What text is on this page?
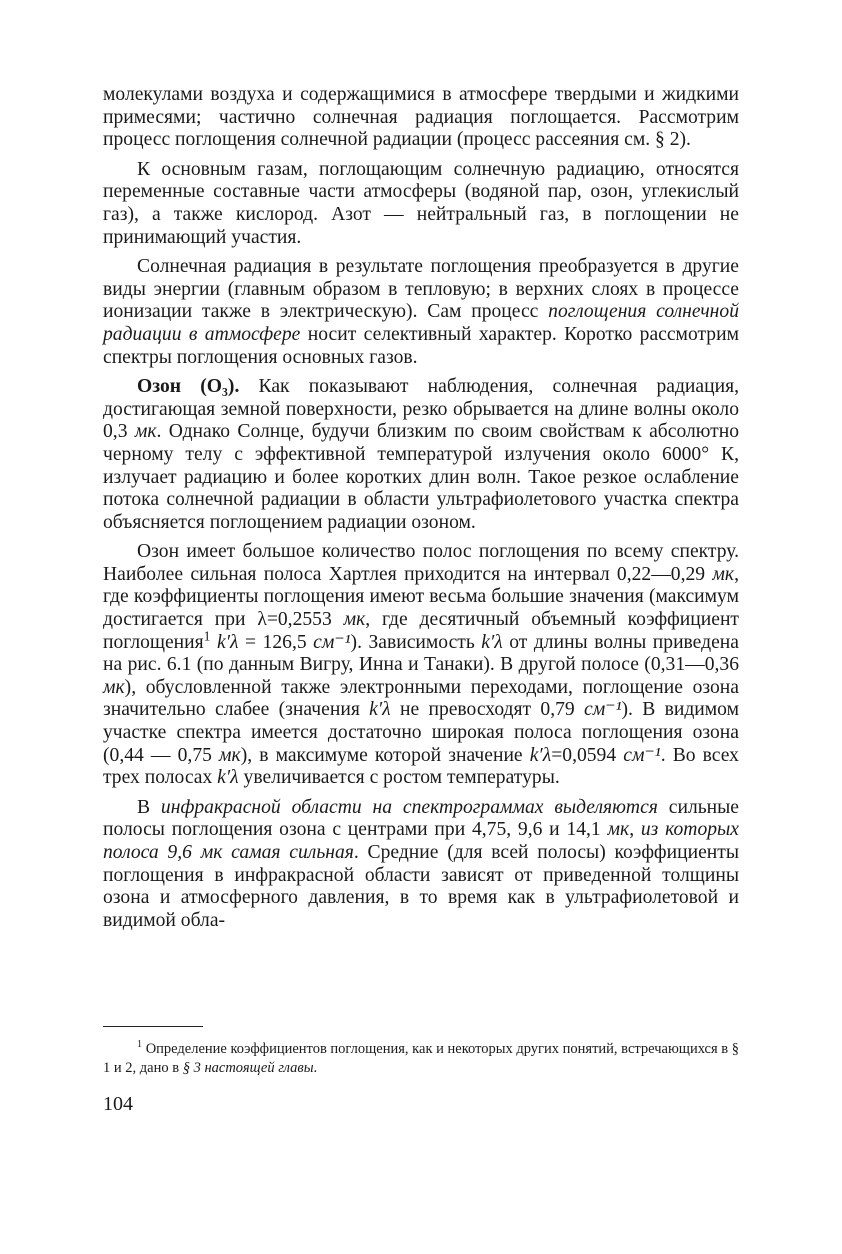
молекулами воздуха и содержащимися в атмосфере твердыми и жидкими примесями; частично солнечная радиация поглощается. Рассмотрим процесс поглощения солнечной радиации (процесс рассеяния см. § 2).

К основным газам, поглощающим солнечную радиацию, относятся переменные составные части атмосферы (водяной пар, озон, углекислый газ), а также кислород. Азот — нейтральный газ, в поглощении не принимающий участия.

Солнечная радиация в результате поглощения преобразуется в другие виды энергии (главным образом в тепловую; в верхних слоях в процессе ионизации также в электрическую). Сам процесс поглощения солнечной радиации в атмосфере носит селективный характер. Коротко рассмотрим спектры поглощения основных газов.

Озон (O₃). Как показывают наблюдения, солнечная радиация, достигающая земной поверхности, резко обрывается на длине волны около 0,3 мк. Однако Солнце, будучи близким по своим свойствам к абсолютно черному телу с эффективной температурой излучения около 6000° К, излучает радиацию и более коротких длин волн. Такое резкое ослабление потока солнечной радиации в области ультрафиолетового участка спектра объясняется поглощением радиации озоном.

Озон имеет большое количество полос поглощения по всему спектру. Наиболее сильная полоса Хартлея приходится на интервал 0,22—0,29 мк, где коэффициенты поглощения имеют весьма большие значения (максимум достигается при λ=0,2553 мк, где десятичный объемный коэффициент поглощения$^1$ k′λ = 126,5 см⁻¹). Зависимость k′λ от длины волны приведена на рис. 6.1 (по данным Вигру, Инна и Танаки). В другой полосе (0,31—0,36 мк), обусловленной также электронными переходами, поглощение озона значительно слабее (значения k′λ не превосходят 0,79 см⁻¹). В видимом участке спектра имеется достаточно широкая полоса поглощения озона (0,44 — 0,75 мк), в максимуме которой значение k′λ=0,0594 см⁻¹. Во всех трех полосах k′λ увеличивается с ростом температуры.

В инфракрасной области на спектрограммах выделяются сильные полосы поглощения озона с центрами при 4,75, 9,6 и 14,1 мк, из которых полоса 9,6 мк самая сильная. Средние (для всей полосы) коэффициенты поглощения в инфракрасной области зависят от приведенной толщины озона и атмосферного давления, в то время как в ультрафиолетовой и видимой обла-

$^1$ Определение коэффициентов поглощения, как и некоторых других понятий, встречающихся в § 1 и 2, дано в § 3 настоящей главы.

104
